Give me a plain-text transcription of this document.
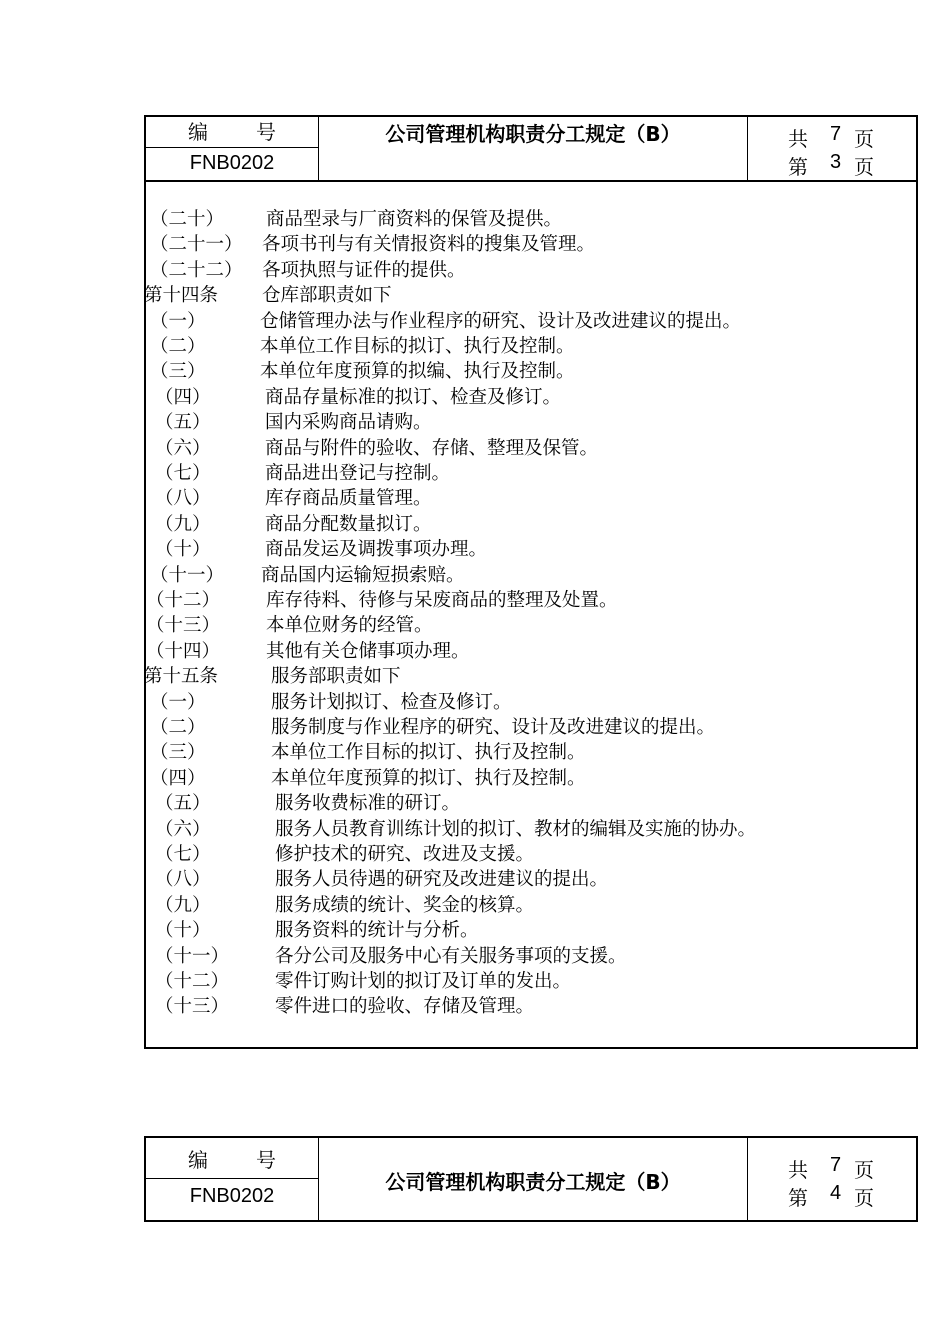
编 号
FNB0202
公司管理机构职责分工规定（B）	共 7 页
第 3 页
（二十） 商品型录与厂商资料的保管及提供。
（二十一） 各项书刊与有关情报资料的搜集及管理。
（二十二） 各项执照与证件的提供。
第十四条 仓库部职责如下
（一）	仓储管理办法与作业程序的研究、设计及改进建议的提出。
（二）	本单位工作目标的拟订、执行及控制。
（三）	本单位年度预算的拟编、执行及控制。
（四）	商品存量标准的拟订、检查及修订。
（五）	国内采购商品请购。
（六）	商品与附件的验收、存储、整理及保管。
（七）	商品进出登记与控制。
（八）	库存商品质量管理。
（九）	商品分配数量拟订。
（十）	商品发运及调拨事项办理。
（十一） 商品国内运输短损索赔。
（十二） 库存待料、待修与呆废商品的整理及处置。
（十三） 本单位财务的经管。
（十四） 其他有关仓储事项办理。
第十五条	服务部职责如下
（一）	服务计划拟订、检查及修订。
（二）	服务制度与作业程序的研究、设计及改进建议的提出。
（三）	本单位工作目标的拟订、执行及控制。
（四）	本单位年度预算的拟订、执行及控制。
（五）	服务收费标准的研订。
（六）	服务人员教育训练计划的拟订、教材的编辑及实施的协办。
（七）	修护技术的研究、改进及支援。
（八）	服务人员待遇的研究及改进建议的提出。
（九）	服务成绩的统计、奖金的核算。
（十）	服务资料的统计与分析。
（十一） 各分公司及服务中心有关服务事项的支援。
（十二） 零件订购计划的拟订及订单的发出。
（十三） 零件进口的验收、存储及管理。
编 号
FNB0202
公司管理机构职责分工规定（B）	共 7 页
第 4 页
